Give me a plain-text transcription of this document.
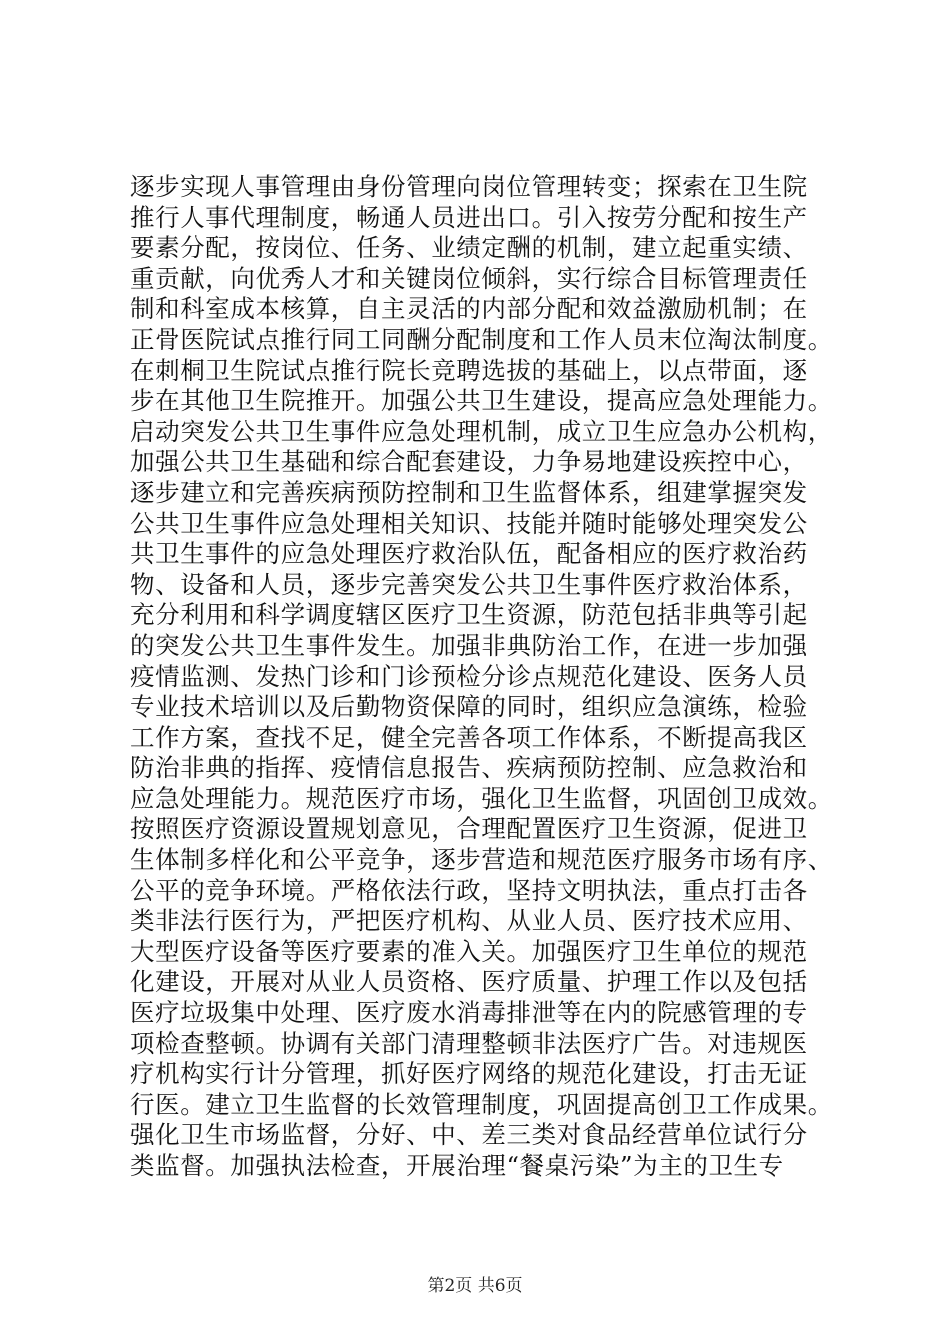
逐步实现人事管理由身份管理向岗位管理转变；探索在卫生院
推行人事代理制度，畅通人员进出口。引入按劳分配和按生产
要素分配，按岗位、任务、业绩定酬的机制，建立起重实绩、
重贡献，向优秀人才和关键岗位倾斜，实行综合目标管理责任
制和科室成本核算，自主灵活的内部分配和效益激励机制；在
正骨医院试点推行同工同酬分配制度和工作人员末位淘汰制度。
在刺桐卫生院试点推行院长竞聘选拔的基础上，以点带面，逐
步在其他卫生院推开。加强公共卫生建设，提高应急处理能力。
启动突发公共卫生事件应急处理机制，成立卫生应急办公机构，
加强公共卫生基础和综合配套建设，力争易地建设疾控中心，
逐步建立和完善疾病预防控制和卫生监督体系，组建掌握突发
公共卫生事件应急处理相关知识、技能并随时能够处理突发公
共卫生事件的应急处理医疗救治队伍，配备相应的医疗救治药
物、设备和人员，逐步完善突发公共卫生事件医疗救治体系，
充分利用和科学调度辖区医疗卫生资源，防范包括非典等引起
的突发公共卫生事件发生。加强非典防治工作，在进一步加强
疫情监测、发热门诊和门诊预检分诊点规范化建设、医务人员
专业技术培训以及后勤物资保障的同时，组织应急演练，检验
工作方案，查找不足，健全完善各项工作体系，不断提高我区
防治非典的指挥、疫情信息报告、疾病预防控制、应急救治和
应急处理能力。规范医疗市场，强化卫生监督，巩固创卫成效。
按照医疗资源设置规划意见，合理配置医疗卫生资源，促进卫
生体制多样化和公平竞争，逐步营造和规范医疗服务市场有序、
公平的竞争环境。严格依法行政，坚持文明执法，重点打击各
类非法行医行为，严把医疗机构、从业人员、医疗技术应用、
大型医疗设备等医疗要素的准入关。加强医疗卫生单位的规范
化建设，开展对从业人员资格、医疗质量、护理工作以及包括
医疗垃圾集中处理、医疗废水消毒排泄等在内的院感管理的专
项检查整顿。协调有关部门清理整顿非法医疗广告。对违规医
疗机构实行计分管理，抓好医疗网络的规范化建设，打击无证
行医。建立卫生监督的长效管理制度，巩固提高创卫工作成果。
强化卫生市场监督，分好、中、差三类对食品经营单位试行分
类监督。加强执法检查，开展治理“餐桌污染”为主的卫生专
第2页 共6页
